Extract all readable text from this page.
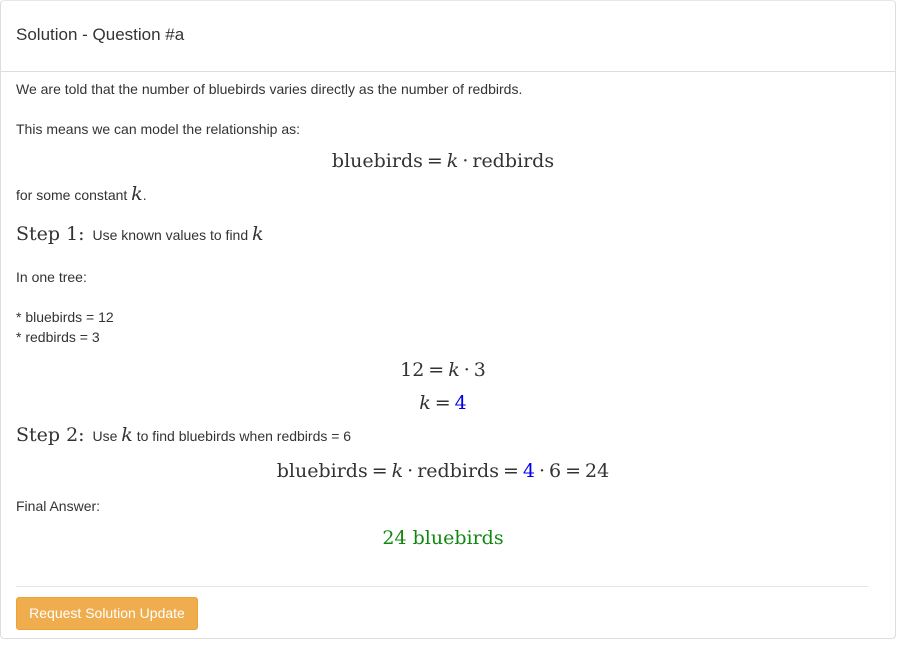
Solution - Question #a
We are told that the number of bluebirds varies directly as the number of redbirds.
This means we can model the relationship as:
bluebirds = k · redbirds
for some constant k.
Step 1: Use known values to find k
In one tree:
* bluebirds = 12
* redbirds = 3
12 = k · 3
k = 4
Step 2: Use k to find bluebirds when redbirds = 6
bluebirds = k · redbirds = 4 · 6 = 24
Final Answer:
24 bluebirds
Request Solution Update
